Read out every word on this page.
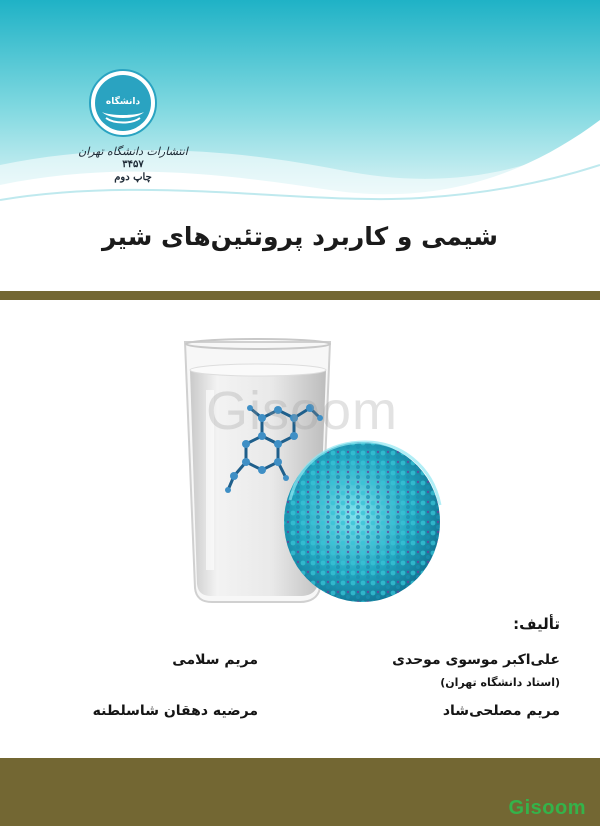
دانشگاه
انتشارات دانشگاه تهران
۳۴۵۷
چاپ دوم
شیمی و کاربرد پروتئین‌های شیر
Gisoom
تألیف:
علی‌اکبر موسوی موحدی
(استاد دانشگاه تهران)
مریم مصلحی‌شاد
مریم سلامی
مرضیه دهقان شاسلطنه
Gisoom
